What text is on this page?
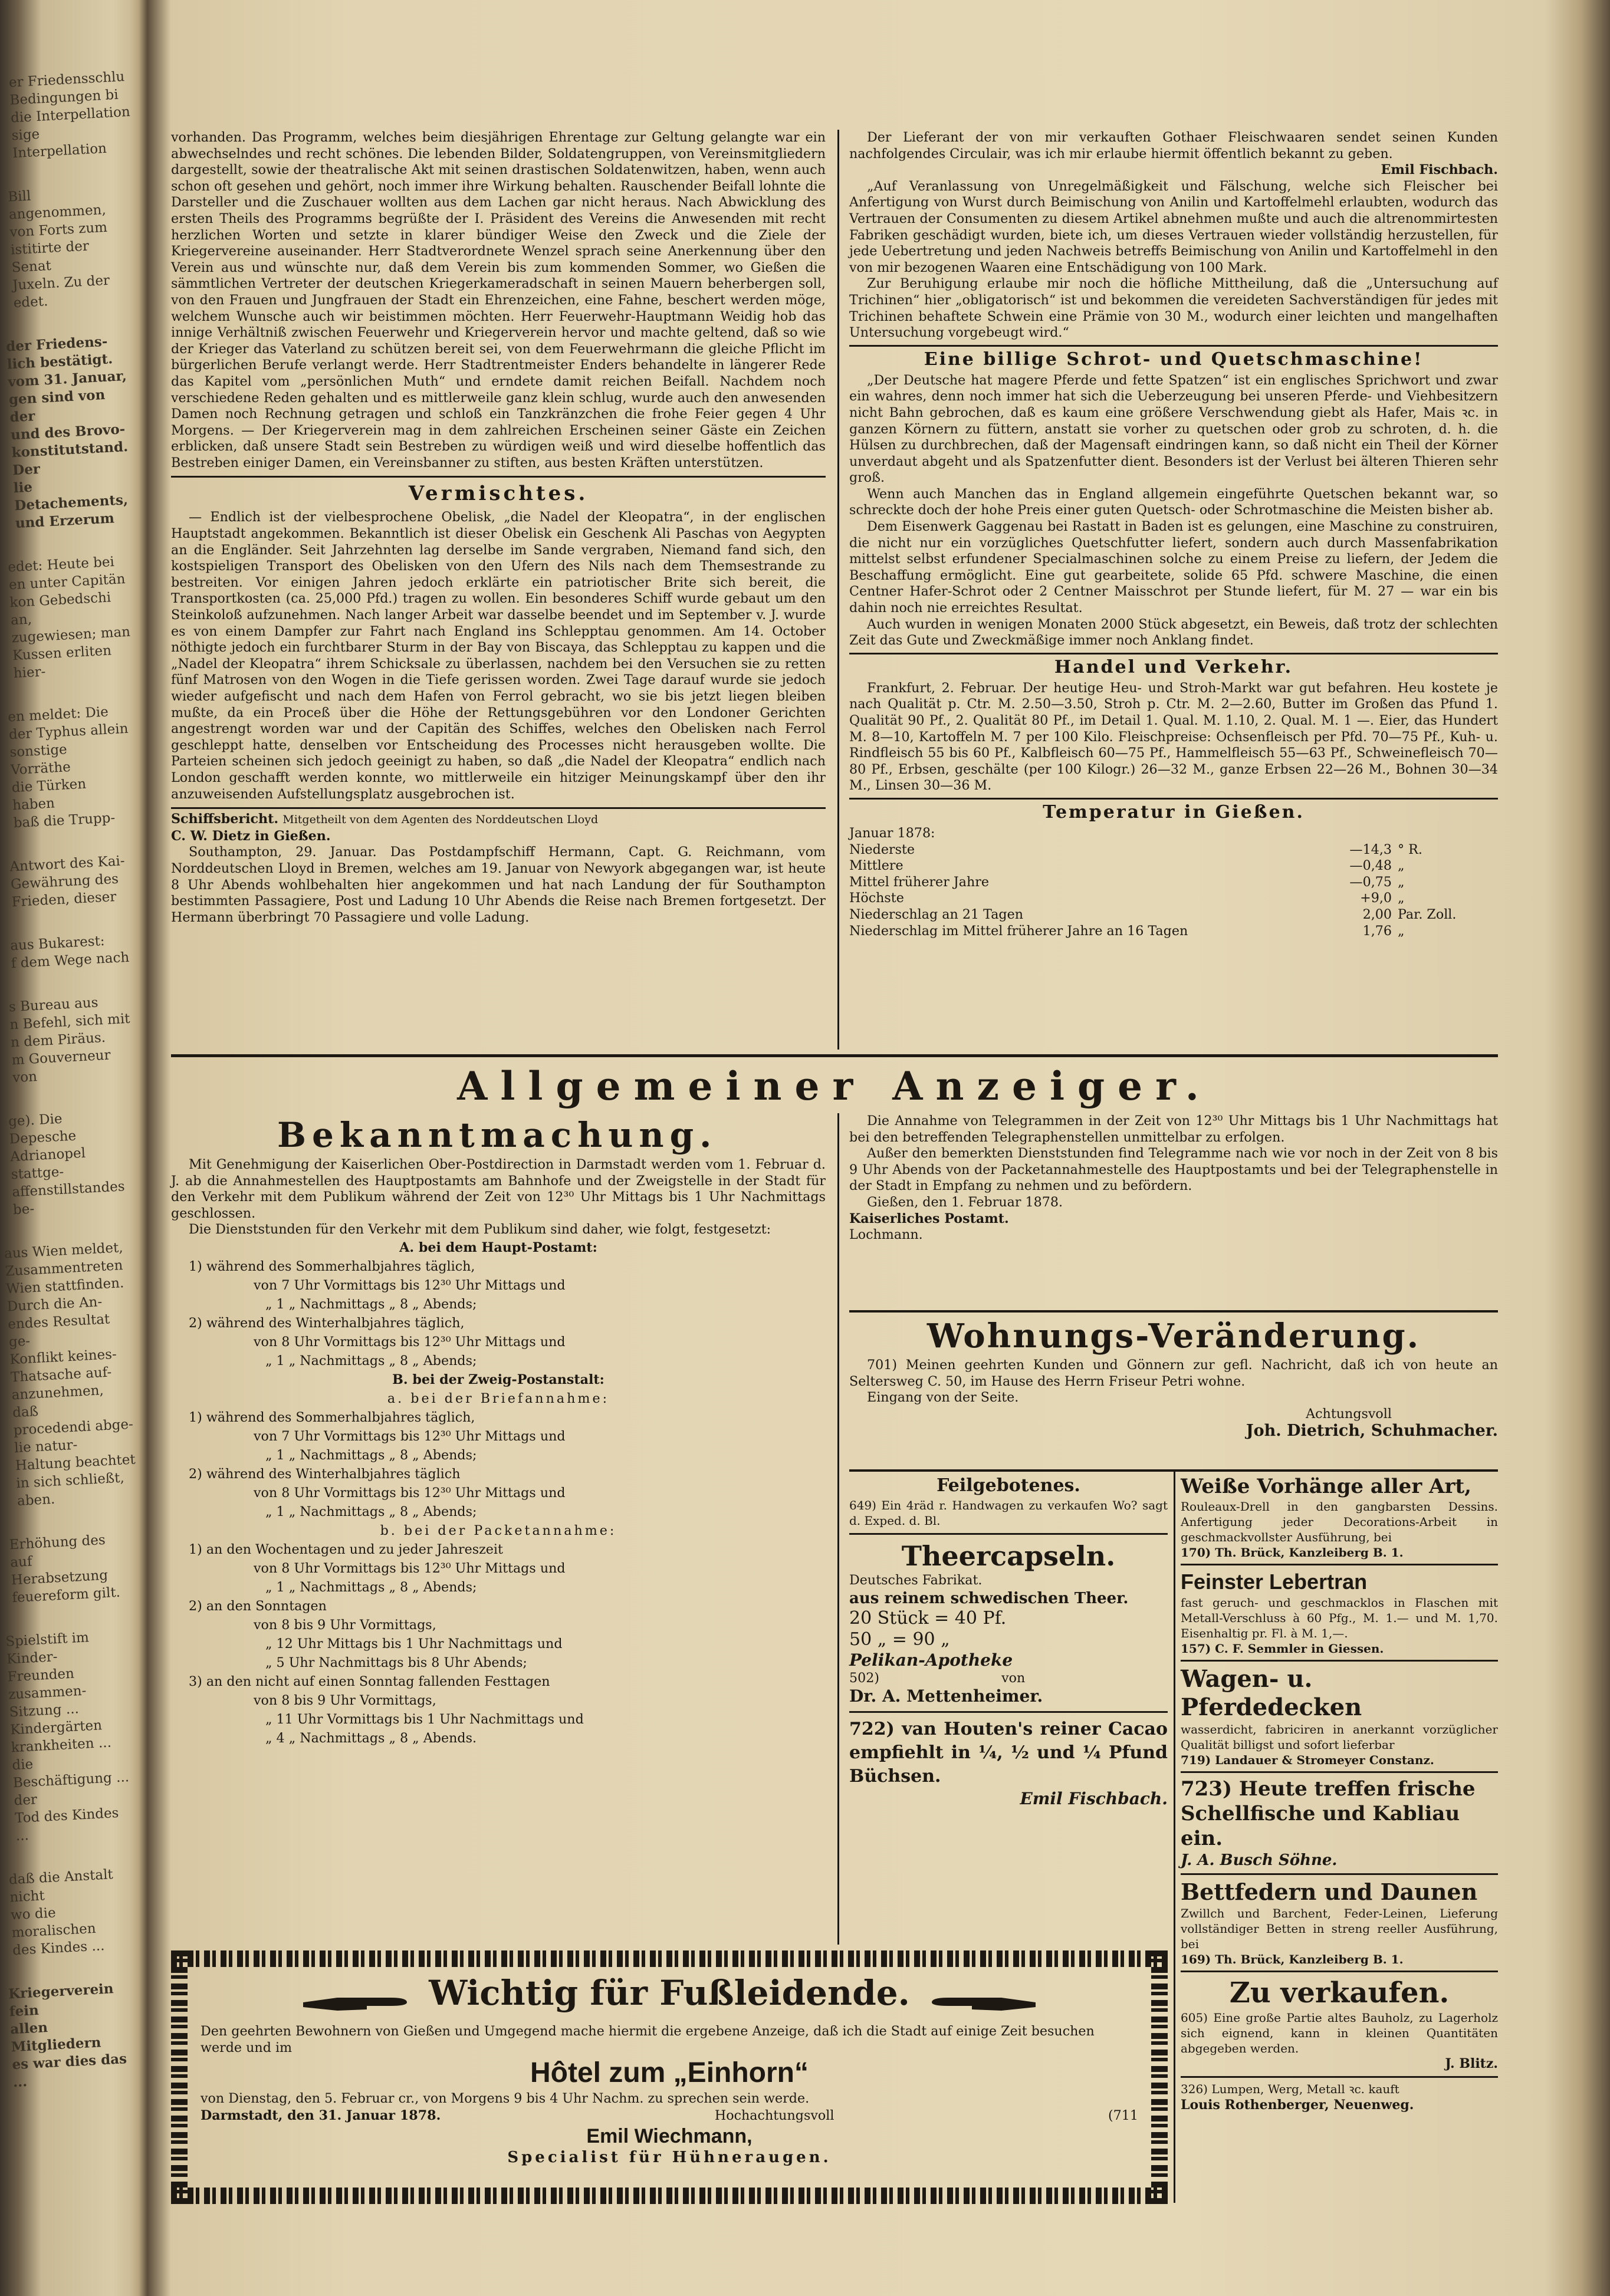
er Friedensschlu
Bedingungen bi
die Interpellation
sige Interpellation

Bill angenommen,
von Forts zum
istitirte der Senat
Juxeln. Zu der
edet.

der Friedens-
lich bestätigt.
vom 31. Januar,
gen sind von der
und des Brovo-
konstitutstand. Der
lie Detachements,
und Erzerum

edet: Heute bei
en unter Capitän
kon Gebedschi an,
zugewiesen; man
Kussen erliten hier-

en meldet: Die
der Typhus allein
sonstige Vorräthe
die Türken haben
baß die Trupp-

Antwort des Kai-
Gewährung des
Frieden, dieser

aus Bukarest:
f dem Wege nach

s Bureau aus
n Befehl, sich mit
n dem Piräus.
m Gouverneur von

ge). Die Depesche
Adrianopel stattge-
affenstillstandes be-

aus Wien meldet,
Zusammentreten
Wien stattfinden.
Durch die An-
endes Resultat ge-
Konflikt keines-
Thatsache auf-
anzunehmen, daß
procedendi abge-
lie natur-
Haltung beachtet
in sich schließt,
aben.

Erhöhung des
auf Herabsetzung
feuereform gilt.

Spielstift im Kinder-
Freunden zusammen-
Sitzung ... Kindergärten
krankheiten ... die
Beschäftigung ... der
Tod des Kindes ...

daß die Anstalt nicht
wo die moralischen
des Kindes ...

Kriegerverein fein
allen Mitgliedern
es war dies das ...

vorhanden. Das Programm, welches beim diesjährigen Ehrentage zur Geltung gelangte war ein abwechselndes und recht schönes. Die lebenden Bilder, Soldatengruppen, von Vereinsmitgliedern dargestellt, sowie der theatralische Akt mit seinen drastischen Soldatenwitzen, haben, wenn auch schon oft gesehen und gehört, noch immer ihre Wirkung behalten. Rauschender Beifall lohnte die Darsteller und die Zuschauer wollten aus dem Lachen gar nicht heraus. Nach Abwicklung des ersten Theils des Programms begrüßte der I. Präsident des Vereins die Anwesenden mit recht herzlichen Worten und setzte in klarer bündiger Weise den Zweck und die Ziele der Kriegervereine auseinander. Herr Stadtverordnete Wenzel sprach seine Anerkennung über den Verein aus und wünschte nur, daß dem Verein bis zum kommenden Sommer, wo Gießen die sämmtlichen Vertreter der deutschen Kriegerkameradschaft in seinen Mauern beherbergen soll, von den Frauen und Jungfrauen der Stadt ein Ehrenzeichen, eine Fahne, beschert werden möge, welchem Wunsche auch wir beistimmen möchten. Herr Feuerwehr-Hauptmann Weidig hob das innige Verhältniß zwischen Feuerwehr und Kriegerverein hervor und machte geltend, daß so wie der Krieger das Vaterland zu schützen bereit sei, von dem Feuerwehrmann die gleiche Pflicht im bürgerlichen Berufe verlangt werde. Herr Stadtrentmeister Enders behandelte in längerer Rede das Kapitel vom „persönlichen Muth“ und erndete damit reichen Beifall. Nachdem noch verschiedene Reden gehalten und es mittlerweile ganz klein schlug, wurde auch den anwesenden Damen noch Rechnung getragen und schloß ein Tanzkränzchen die frohe Feier gegen 4 Uhr Morgens. — Der Kriegerverein mag in dem zahlreichen Erscheinen seiner Gäste ein Zeichen erblicken, daß unsere Stadt sein Bestreben zu würdigen weiß und wird dieselbe hoffentlich das Bestreben einiger Damen, ein Vereinsbanner zu stiften, aus besten Kräften unterstützen.

Vermischtes.

— Endlich ist der vielbesprochene Obelisk, „die Nadel der Kleopatra“, in der englischen Hauptstadt angekommen. Bekanntlich ist dieser Obelisk ein Geschenk Ali Paschas von Aegypten an die Engländer. Seit Jahrzehnten lag derselbe im Sande vergraben, Niemand fand sich, den kostspieligen Transport des Obelisken von den Ufern des Nils nach dem Themsestrande zu bestreiten. Vor einigen Jahren jedoch erklärte ein patriotischer Brite sich bereit, die Transportkosten (ca. 25,000 Pfd.) tragen zu wollen. Ein besonderes Schiff wurde gebaut um den Steinkoloß aufzunehmen. Nach langer Arbeit war dasselbe beendet und im September v. J. wurde es von einem Dampfer zur Fahrt nach England ins Schlepptau genommen. Am 14. October nöthigte jedoch ein furchtbarer Sturm in der Bay von Biscaya, das Schlepptau zu kappen und die „Nadel der Kleopatra“ ihrem Schicksale zu überlassen, nachdem bei den Versuchen sie zu retten fünf Matrosen von den Wogen in die Tiefe gerissen worden. Zwei Tage darauf wurde sie jedoch wieder aufgefischt und nach dem Hafen von Ferrol gebracht, wo sie bis jetzt liegen bleiben mußte, da ein Proceß über die Höhe der Rettungsgebühren vor den Londoner Gerichten angestrengt worden war und der Capitän des Schiffes, welches den Obelisken nach Ferrol geschleppt hatte, denselben vor Entscheidung des Processes nicht herausgeben wollte. Die Parteien scheinen sich jedoch geeinigt zu haben, so daß „die Nadel der Kleopatra“ endlich nach London geschafft werden konnte, wo mittlerweile ein hitziger Meinungskampf über den ihr anzuweisenden Aufstellungsplatz ausgebrochen ist.

Schiffsbericht. Mitgetheilt von dem Agenten des Norddeutschen Lloyd

C. W. Dietz in Gießen.

Southampton, 29. Januar. Das Postdampfschiff Hermann, Capt. G. Reichmann, vom Norddeutschen Lloyd in Bremen, welches am 19. Januar von Newyork abgegangen war, ist heute 8 Uhr Abends wohlbehalten hier angekommen und hat nach Landung der für Southampton bestimmten Passagiere, Post und Ladung 10 Uhr Abends die Reise nach Bremen fortgesetzt. Der Hermann überbringt 70 Passagiere und volle Ladung.

Der Lieferant der von mir verkauften Gothaer Fleischwaaren sendet seinen Kunden nachfolgendes Circulair, was ich mir erlaube hiermit öffentlich bekannt zu geben.

Emil Fischbach.

„Auf Veranlassung von Unregelmäßigkeit und Fälschung, welche sich Fleischer bei Anfertigung von Wurst durch Beimischung von Anilin und Kartoffelmehl erlaubten, wodurch das Vertrauen der Consumenten zu diesem Artikel abnehmen mußte und auch die altrenommirtesten Fabriken geschädigt wurden, biete ich, um dieses Vertrauen wieder vollständig herzustellen, für jede Uebertretung und jeden Nachweis betreffs Beimischung von Anilin und Kartoffelmehl in den von mir bezogenen Waaren eine Entschädigung von 100 Mark.

Zur Beruhigung erlaube mir noch die höfliche Mittheilung, daß die „Untersuchung auf Trichinen“ hier „obligatorisch“ ist und bekommen die vereideten Sachverständigen für jedes mit Trichinen behaftete Schwein eine Prämie von 30 M., wodurch einer leichten und mangelhaften Untersuchung vorgebeugt wird.“

Eine billige Schrot- und Quetschmaschine!

„Der Deutsche hat magere Pferde und fette Spatzen“ ist ein englisches Sprichwort und zwar ein wahres, denn noch immer hat sich die Ueberzeugung bei unseren Pferde- und Viehbesitzern nicht Bahn gebrochen, daß es kaum eine größere Verschwendung giebt als Hafer, Mais ꝛc. in ganzen Körnern zu füttern, anstatt sie vorher zu quetschen oder grob zu schroten, d. h. die Hülsen zu durchbrechen, daß der Magensaft eindringen kann, so daß nicht ein Theil der Körner unverdaut abgeht und als Spatzenfutter dient. Besonders ist der Verlust bei älteren Thieren sehr groß.

Wenn auch Manchen das in England allgemein eingeführte Quetschen bekannt war, so schreckte doch der hohe Preis einer guten Quetsch- oder Schrotmaschine die Meisten bisher ab.

Dem Eisenwerk Gaggenau bei Rastatt in Baden ist es gelungen, eine Maschine zu construiren, die nicht nur ein vorzügliches Quetschfutter liefert, sondern auch durch Massenfabrikation mittelst selbst erfundener Specialmaschinen solche zu einem Preise zu liefern, der Jedem die Beschaffung ermöglicht. Eine gut gearbeitete, solide 65 Pfd. schwere Maschine, die einen Centner Hafer-Schrot oder 2 Centner Maisschrot per Stunde liefert, für M. 27 — war ein bis dahin noch nie erreichtes Resultat.

Auch wurden in wenigen Monaten 2000 Stück abgesetzt, ein Beweis, daß trotz der schlechten Zeit das Gute und Zweckmäßige immer noch Anklang findet.

Handel und Verkehr.

Frankfurt, 2. Februar. Der heutige Heu- und Stroh-Markt war gut befahren. Heu kostete je nach Qualität p. Ctr. M. 2.50—3.50, Stroh p. Ctr. M. 2—2.60, Butter im Großen das Pfund 1. Qualität 90 Pf., 2. Qualität 80 Pf., im Detail 1. Qual. M. 1.10, 2. Qual. M. 1 —. Eier, das Hundert M. 8—10, Kartoffeln M. 7 per 100 Kilo. Fleischpreise: Ochsenfleisch per Pfd. 70—75 Pf., Kuh- u. Rindfleisch 55 bis 60 Pf., Kalbfleisch 60—75 Pf., Hammelfleisch 55—63 Pf., Schweinefleisch 70—80 Pf., Erbsen, geschälte (per 100 Kilogr.) 26—32 M., ganze Erbsen 22—26 M., Bohnen 30—34 M., Linsen 30—36 M.

Temperatur in Gießen.

Januar 1878:

Niederste	—14,3	° R.
Mittlere	—0,48	„
Mittel früherer Jahre	—0,75	„
Höchste	+9,0	„
Niederschlag an 21 Tagen	2,00	Par. Zoll.
Niederschlag im Mittel früherer Jahre an 16 Tagen	1,76	„
Allgemeiner Anzeiger.
Bekanntmachung.

Mit Genehmigung der Kaiserlichen Ober-Postdirection in Darmstadt werden vom 1. Februar d. J. ab die Annahmestellen des Hauptpostamts am Bahnhofe und der Zweigstelle in der Stadt für den Verkehr mit dem Publikum während der Zeit von 12³⁰ Uhr Mittags bis 1 Uhr Nachmittags geschlossen.

Die Dienststunden für den Verkehr mit dem Publikum sind daher, wie folgt, festgesetzt:

A. bei dem Haupt-Postamt:
1) während des Sommerhalbjahres täglich,
von 7 Uhr Vormittags bis 12³⁰ Uhr Mittags und
„ 1 „ Nachmittags „ 8 „ Abends;
2) während des Winterhalbjahres täglich,
von 8 Uhr Vormittags bis 12³⁰ Uhr Mittags und
„ 1 „ Nachmittags „ 8 „ Abends;
B. bei der Zweig-Postanstalt:
a. bei der Briefannahme:
1) während des Sommerhalbjahres täglich,
von 7 Uhr Vormittags bis 12³⁰ Uhr Mittags und
„ 1 „ Nachmittags „ 8 „ Abends;
2) während des Winterhalbjahres täglich
von 8 Uhr Vormittags bis 12³⁰ Uhr Mittags und
„ 1 „ Nachmittags „ 8 „ Abends;
b. bei der Packetannahme:
1) an den Wochentagen und zu jeder Jahreszeit
von 8 Uhr Vormittags bis 12³⁰ Uhr Mittags und
„ 1 „ Nachmittags „ 8 „ Abends;
2) an den Sonntagen
von 8 bis 9 Uhr Vormittags,
„ 12 Uhr Mittags bis 1 Uhr Nachmittags und
„ 5 Uhr Nachmittags bis 8 Uhr Abends;
3) an den nicht auf einen Sonntag fallenden Festtagen
von 8 bis 9 Uhr Vormittags,
„ 11 Uhr Vormittags bis 1 Uhr Nachmittags und
„ 4 „ Nachmittags „ 8 „ Abends.

Die Annahme von Telegrammen in der Zeit von 12³⁰ Uhr Mittags bis 1 Uhr Nachmittags hat bei den betreffenden Telegraphenstellen unmittelbar zu erfolgen.

Außer den bemerkten Dienststunden find Telegramme nach wie vor noch in der Zeit von 8 bis 9 Uhr Abends von der Packetannahmestelle des Hauptpostamts und bei der Telegraphenstelle in der Stadt in Empfang zu nehmen und zu befördern.

Gießen, den 1. Februar 1878.

Kaiserliches Postamt.

Lochmann.

Wohnungs-Veränderung.

701) Meinen geehrten Kunden und Gönnern zur gefl. Nachricht, daß ich von heute an Seltersweg C. 50, im Hause des Herrn Friseur Petri wohne.

Eingang von der Seite.

Achtungsvoll

Joh. Dietrich, Schuhmacher.

Feilgebotenes.

649) Ein 4räd r. Handwagen zu verkaufen Wo? sagt d. Exped. d. Bl.

Theercapseln.

Deutsches Fabrikat.

aus reinem schwedischen Theer.

20 Stück = 40 Pf.

50 „ = 90 „

Pelikan-Apotheke

502)	von

Dr. A. Mettenheimer.

722) van Houten's reiner Cacao empfiehlt in ¼, ½ und ¼ Pfund Büchsen.

Emil Fischbach.

Weiße Vorhänge aller Art,

Rouleaux-Drell in den gangbarsten Dessins. Anfertigung jeder Decorations-Arbeit in geschmackvollster Ausführung, bei

170) Th. Brück, Kanzleiberg B. 1.

Feinster Lebertran

fast geruch- und geschmacklos in Flaschen mit Metall-Verschluss à 60 Pfg., M. 1.— und M. 1,70. Eisenhaltig pr. Fl. à M. 1,—.

157) C. F. Semmler in Giessen.

Wagen- u. Pferdedecken

wasserdicht, fabriciren in anerkannt vorzüglicher Qualität billigst und sofort lieferbar

719) Landauer & Stromeyer Constanz.

723) Heute treffen frische Schellfische und Kabliau ein.

J. A. Busch Söhne.

Bettfedern und Daunen

Zwillch und Barchent, Feder-Leinen, Lieferung vollständiger Betten in streng reeller Ausführung, bei

169) Th. Brück, Kanzleiberg B. 1.

Zu verkaufen.

605) Eine große Partie altes Bauholz, zu Lagerholz sich eignend, kann in kleinen Quantitäten abgegeben werden.

J. Blitz.

326) Lumpen, Werg, Metall ꝛc. kauft

Louis Rothenberger, Neuenweg.

Wichtig für Fußleidende.

Den geehrten Bewohnern von Gießen und Umgegend mache hiermit die ergebene Anzeige, daß ich die Stadt auf einige Zeit besuchen werde und im

Hôtel zum „Einhorn“

von Dienstag, den 5. Februar cr., von Morgens 9 bis 4 Uhr Nachm. zu sprechen sein werde.

Darmstadt, den 31. Januar 1878.	Hochachtungsvoll	(711

Emil Wiechmann,

Specialist für Hühneraugen.
